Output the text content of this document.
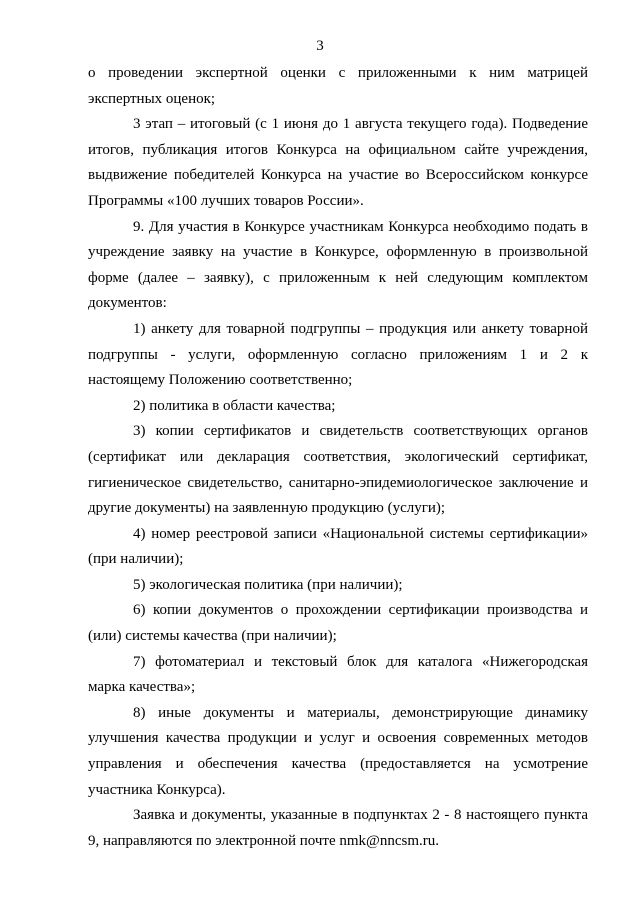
3

о проведении экспертной оценки с приложенными к ним матрицей экспертных оценок;

3 этап – итоговый (с 1 июня до 1 августа текущего года). Подведение итогов, публикация итогов Конкурса на официальном сайте учреждения, выдвижение победителей Конкурса на участие во Всероссийском конкурсе Программы «100 лучших товаров России».

9. Для участия в Конкурсе участникам Конкурса необходимо подать в учреждение заявку на участие в Конкурсе, оформленную в произвольной форме (далее – заявку), с приложенным к ней следующим комплектом документов:

1) анкету для товарной подгруппы – продукция или анкету товарной подгруппы - услуги, оформленную согласно приложениям 1 и 2 к настоящему Положению соответственно;

2) политика в области качества;

3) копии сертификатов и свидетельств соответствующих органов (сертификат или декларация соответствия, экологический сертификат, гигиеническое свидетельство, санитарно-эпидемиологическое заключение и другие документы) на заявленную продукцию (услуги);

4) номер реестровой записи «Национальной системы сертификации» (при наличии);

5) экологическая политика (при наличии);

6) копии документов о прохождении сертификации производства и (или) системы качества (при наличии);

7) фотоматериал и текстовый блок для каталога «Нижегородская марка качества»;

8) иные документы и материалы, демонстрирующие динамику улучшения качества продукции и услуг и освоения современных методов управления и обеспечения качества (предоставляется на усмотрение участника Конкурса).

Заявка и документы, указанные в подпунктах 2 - 8 настоящего пункта 9, направляются по электронной почте nmk@nncsm.ru.
